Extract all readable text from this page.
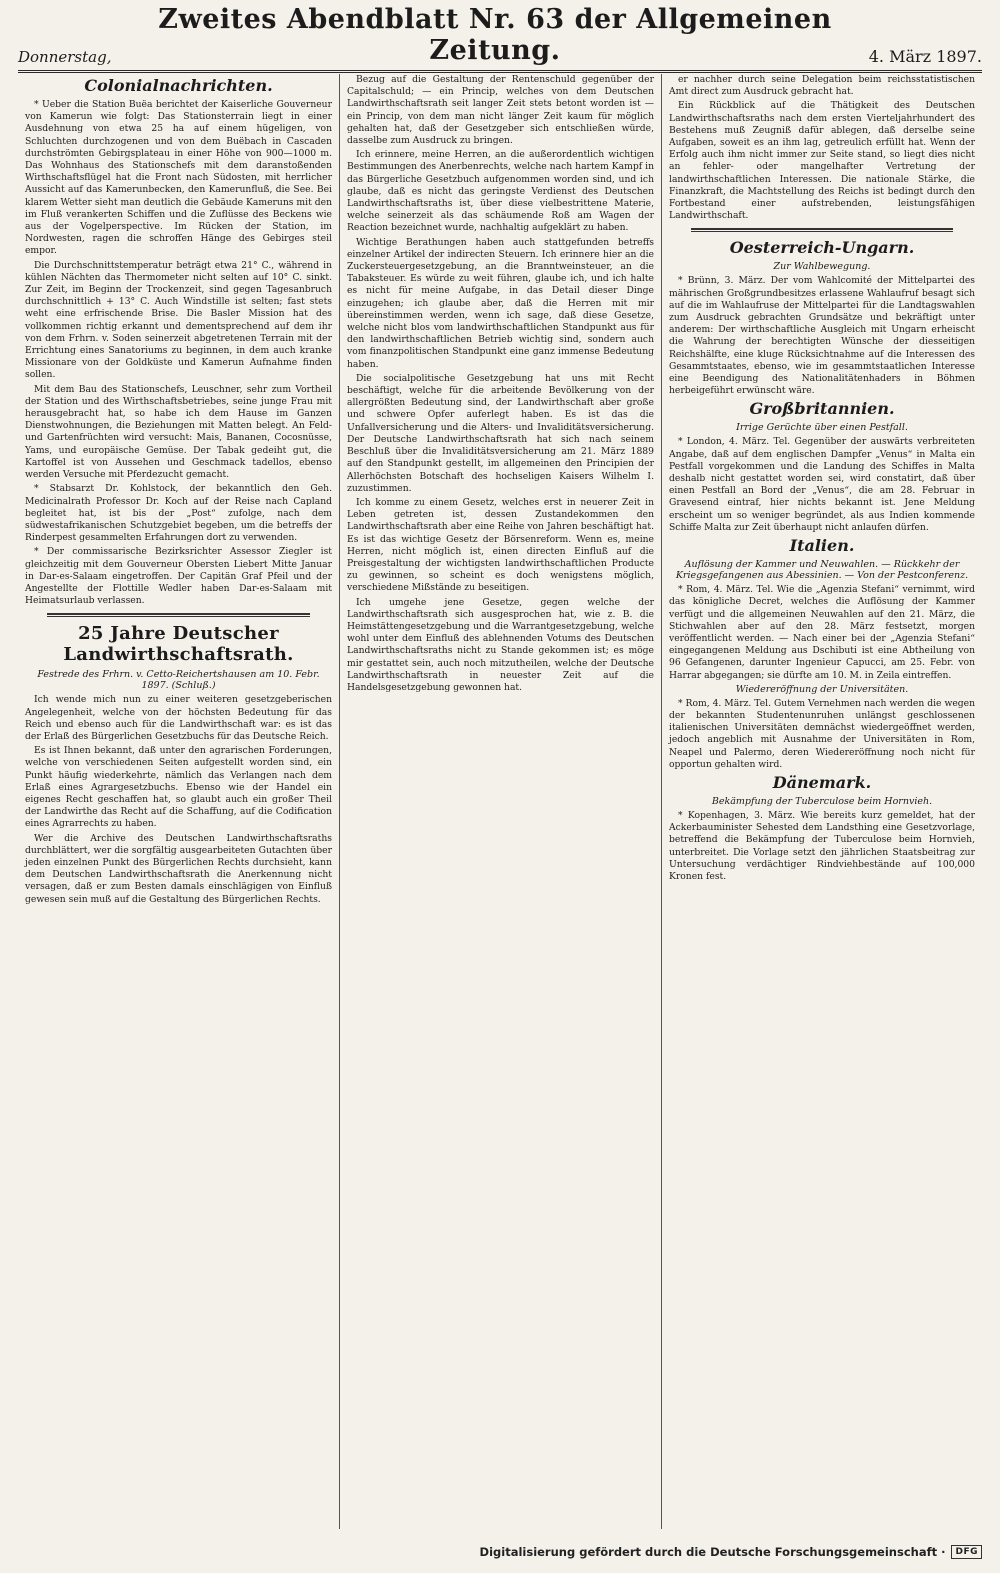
Donnerstag,
Zweites Abendblatt Nr. 63 der Allgemeinen Zeitung.	4. März 1897.
Colonialnachrichten.

* Ueber die Station Buëa berichtet der Kaiserliche Gouverneur von Kamerun wie folgt: Das Stationsterrain liegt in einer Ausdehnung von etwa 25 ha auf einem hügeligen, von Schluchten durchzogenen und von dem Buëbach in Cascaden durchströmten Gebirgsplateau in einer Höhe von 900—1000 m. Das Wohnhaus des Stationschefs mit dem daranstoßenden Wirthschaftsflügel hat die Front nach Südosten, mit herrlicher Aussicht auf das Kamerunbecken, den Kamerunfluß, die See. Bei klarem Wetter sieht man deutlich die Gebäude Kameruns mit den im Fluß verankerten Schiffen und die Zuflüsse des Beckens wie aus der Vogelperspective. Im Rücken der Station, im Nordwesten, ragen die schroffen Hänge des Gebirges steil empor.

Die Durchschnittstemperatur beträgt etwa 21° C., während in kühlen Nächten das Thermometer nicht selten auf 10° C. sinkt. Zur Zeit, im Beginn der Trockenzeit, sind gegen Tagesanbruch durchschnittlich + 13° C. Auch Windstille ist selten; fast stets weht eine erfrischende Brise. Die Basler Mission hat des vollkommen richtig erkannt und dementsprechend auf dem ihr von dem Frhrn. v. Soden seinerzeit abgetretenen Terrain mit der Errichtung eines Sanatoriums zu beginnen, in dem auch kranke Missionare von der Goldküste und Kamerun Aufnahme finden sollen.

Mit dem Bau des Stationschefs, Leuschner, sehr zum Vortheil der Station und des Wirthschaftsbetriebes, seine junge Frau mit herausgebracht hat, so habe ich dem Hause im Ganzen Dienstwohnungen, die Beziehungen mit Matten belegt. An Feld- und Gartenfrüchten wird versucht: Mais, Bananen, Cocosnüsse, Yams, und europäische Gemüse. Der Tabak gedeiht gut, die Kartoffel ist von Aussehen und Geschmack tadellos, ebenso werden Versuche mit Pferdezucht gemacht.

* Stabsarzt Dr. Kohlstock, der bekanntlich den Geh. Medicinalrath Professor Dr. Koch auf der Reise nach Capland begleitet hat, ist bis der „Post“ zufolge, nach dem südwestafrikanischen Schutzgebiet begeben, um die betreffs der Rinderpest gesammelten Erfahrungen dort zu verwenden.

* Der commissarische Bezirksrichter Assessor Ziegler ist gleichzeitig mit dem Gouverneur Obersten Liebert Mitte Januar in Dar-es-Salaam eingetroffen. Der Capitän Graf Pfeil und der Angestellte der Flottille Wedler haben Dar-es-Salaam mit Heimatsurlaub verlassen.

25 Jahre Deutscher Landwirthschaftsrath.
Festrede des Frhrn. v. Cetto-Reichertshausen am 10. Febr. 1897. (Schluß.)

Ich wende mich nun zu einer weiteren gesetzgeberischen Angelegenheit, welche von der höchsten Bedeutung für das Reich und ebenso auch für die Landwirthschaft war: es ist das der Erlaß des Bürgerlichen Gesetzbuchs für das Deutsche Reich.

Es ist Ihnen bekannt, daß unter den agrarischen Forderungen, welche von verschiedenen Seiten aufgestellt worden sind, ein Punkt häufig wiederkehrte, nämlich das Verlangen nach dem Erlaß eines Agrargesetzbuchs. Ebenso wie der Handel ein eigenes Recht geschaffen hat, so glaubt auch ein großer Theil der Landwirthe das Recht auf die Schaffung, auf die Codification eines Agrarrechts zu haben.

Wer die Archive des Deutschen Landwirthschaftsraths durchblättert, wer die sorgfältig ausgearbeiteten Gutachten über jeden einzelnen Punkt des Bürgerlichen Rechts durchsieht, kann dem Deutschen Landwirthschaftsrath die Anerkennung nicht versagen, daß er zum Besten damals einschlägigen von Einfluß gewesen sein muß auf die Gestaltung des Bürgerlichen Rechts.

Bezug auf die Gestaltung der Rentenschuld gegenüber der Capitalschuld; — ein Princip, welches von dem Deutschen Landwirthschaftsrath seit langer Zeit stets betont worden ist — ein Princip, von dem man nicht länger Zeit kaum für möglich gehalten hat, daß der Gesetzgeber sich entschließen würde, dasselbe zum Ausdruck zu bringen.

Ich erinnere, meine Herren, an die außerordentlich wichtigen Bestimmungen des Anerbenrechts, welche nach hartem Kampf in das Bürgerliche Gesetzbuch aufgenommen worden sind, und ich glaube, daß es nicht das geringste Verdienst des Deutschen Landwirthschaftsraths ist, über diese vielbestrittene Materie, welche seinerzeit als das schäumende Roß am Wagen der Reaction bezeichnet wurde, nachhaltig aufgeklärt zu haben.

Wichtige Berathungen haben auch stattgefunden betreffs einzelner Artikel der indirecten Steuern. Ich erinnere hier an die Zuckersteuergesetzgebung, an die Branntweinsteuer, an die Tabaksteuer. Es würde zu weit führen, glaube ich, und ich halte es nicht für meine Aufgabe, in das Detail dieser Dinge einzugehen; ich glaube aber, daß die Herren mit mir übereinstimmen werden, wenn ich sage, daß diese Gesetze, welche nicht blos vom landwirthschaftlichen Standpunkt aus für den landwirthschaftlichen Betrieb wichtig sind, sondern auch vom finanzpolitischen Standpunkt eine ganz immense Bedeutung haben.

Die socialpolitische Gesetzgebung hat uns mit Recht beschäftigt, welche für die arbeitende Bevölkerung von der allergrößten Bedeutung sind, der Landwirthschaft aber große und schwere Opfer auferlegt haben. Es ist das die Unfallversicherung und die Alters- und Invaliditätsversicherung. Der Deutsche Landwirthschaftsrath hat sich nach seinem Beschluß über die Invaliditätsversicherung am 21. März 1889 auf den Standpunkt gestellt, im allgemeinen den Principien der Allerhöchsten Botschaft des hochseligen Kaisers Wilhelm I. zuzustimmen.

Ich komme zu einem Gesetz, welches erst in neuerer Zeit in Leben getreten ist, dessen Zustandekommen den Landwirthschaftsrath aber eine Reihe von Jahren beschäftigt hat. Es ist das wichtige Gesetz der Börsenreform. Wenn es, meine Herren, nicht möglich ist, einen directen Einfluß auf die Preisgestaltung der wichtigsten landwirthschaftlichen Producte zu gewinnen, so scheint es doch wenigstens möglich, verschiedene Mißstände zu beseitigen.

Ich umgehe jene Gesetze, gegen welche der Landwirthschaftsrath sich ausgesprochen hat, wie z. B. die Heimstättengesetzgebung und die Warrantgesetzgebung, welche wohl unter dem Einfluß des ablehnenden Votums des Deutschen Landwirthschaftsraths nicht zu Stande gekommen ist; es möge mir gestattet sein, auch noch mitzutheilen, welche der Deutsche Landwirthschaftsrath in neuester Zeit auf die Handelsgesetzgebung gewonnen hat.

er nachher durch seine Delegation beim reichsstatistischen Amt direct zum Ausdruck gebracht hat.

Ein Rückblick auf die Thätigkeit des Deutschen Landwirthschaftsraths nach dem ersten Vierteljahrhundert des Bestehens muß Zeugniß dafür ablegen, daß derselbe seine Aufgaben, soweit es an ihm lag, getreulich erfüllt hat. Wenn der Erfolg auch ihm nicht immer zur Seite stand, so liegt dies nicht an fehler- oder mangelhafter Vertretung der landwirthschaftlichen Interessen. Die nationale Stärke, die Finanzkraft, die Machtstellung des Reichs ist bedingt durch den Fortbestand einer aufstrebenden, leistungsfähigen Landwirthschaft.

Oesterreich-Ungarn.
Zur Wahlbewegung.

* Brünn, 3. März. Der vom Wahlcomité der Mittelpartei des mährischen Großgrundbesitzes erlassene Wahlaufruf besagt sich auf die im Wahlaufruse der Mittelpartei für die Landtagswahlen zum Ausdruck gebrachten Grundsätze und bekräftigt unter anderem: Der wirthschaftliche Ausgleich mit Ungarn erheischt die Wahrung der berechtigten Wünsche der diesseitigen Reichshälfte, eine kluge Rücksichtnahme auf die Interessen des Gesammtstaates, ebenso, wie im gesammtstaatlichen Interesse eine Beendigung des Nationalitätenhaders in Böhmen herbeigeführt erwünscht wäre.

Großbritannien.
Irrige Gerüchte über einen Pestfall.

* London, 4. März. Tel. Gegenüber der auswärts verbreiteten Angabe, daß auf dem englischen Dampfer „Venus“ in Malta ein Pestfall vorgekommen und die Landung des Schiffes in Malta deshalb nicht gestattet worden sei, wird constatirt, daß über einen Pestfall an Bord der „Venus“, die am 28. Februar in Gravesend eintraf, hier nichts bekannt ist. Jene Meldung erscheint um so weniger begründet, als aus Indien kommende Schiffe Malta zur Zeit überhaupt nicht anlaufen dürfen.

Italien.
Auflösung der Kammer und Neuwahlen. — Rückkehr der Kriegsgefangenen aus Abessinien. — Von der Pestconferenz.

* Rom, 4. März. Tel. Wie die „Agenzia Stefani“ vernimmt, wird das königliche Decret, welches die Auflösung der Kammer verfügt und die allgemeinen Neuwahlen auf den 21. März, die Stichwahlen aber auf den 28. März festsetzt, morgen veröffentlicht werden. — Nach einer bei der „Agenzia Stefani“ eingegangenen Meldung aus Dschibuti ist eine Abtheilung von 96 Gefangenen, darunter Ingenieur Capucci, am 25. Febr. von Harrar abgegangen; sie dürfte am 10. M. in Zeila eintreffen.

Wiedereröffnung der Universitäten.

* Rom, 4. März. Tel. Gutem Vernehmen nach werden die wegen der bekannten Studentenunruhen unlängst geschlossenen italienischen Universitäten demnächst wiedergeöffnet werden, jedoch angeblich mit Ausnahme der Universitäten in Rom, Neapel und Palermo, deren Wiedereröffnung noch nicht für opportun gehalten wird.

Dänemark.
Bekämpfung der Tuberculose beim Hornvieh.

* Kopenhagen, 3. März. Wie bereits kurz gemeldet, hat der Ackerbauminister Sehested dem Landsthing eine Gesetzvorlage, betreffend die Bekämpfung der Tuberculose beim Hornvieh, unterbreitet. Die Vorlage setzt den jährlichen Staatsbeitrag zur Untersuchung verdächtiger Rindviehbestände auf 100,000 Kronen fest.

Digitalisierung gefördert durch die Deutsche Forschungsgemeinschaft ·	DFG
